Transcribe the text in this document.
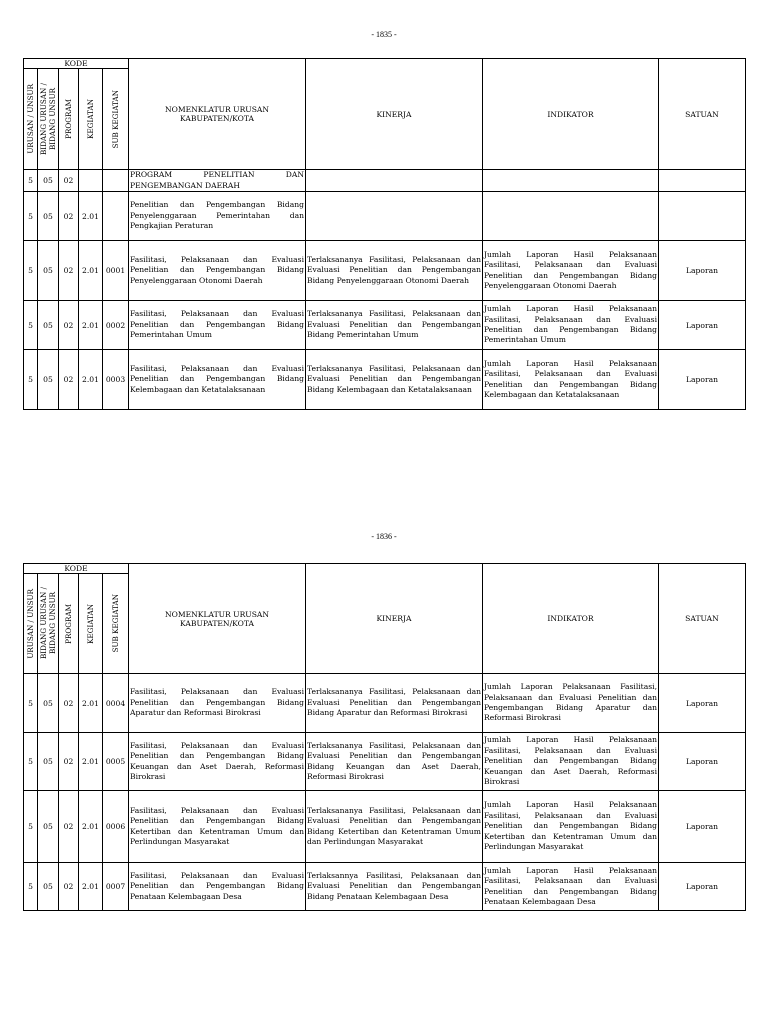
- 1835 -
KODE					NOMENKLATUR URUSAN
KABUPATEN/KOTA	KINERJA	INDIKATOR	SATUAN

URUSAN / UNSUR	BIDANG URUSAN /
BIDANG UNSUR	PROGRAM	KEGIATAN	SUB KEGIATAN				

5	05	02			PROGRAM PENELITIAN DAN PENGEMBANGAN DAERAH			
5	05	02	2.01		Penelitian dan Pengembangan Bidang Penyelenggaraan Pemerintahan dan Pengkajian Peraturan			
5	05	02	2.01	0001	Fasilitasi, Pelaksanaan dan Evaluasi Penelitian dan Pengembangan Bidang Penyelenggaraan Otonomi Daerah	Terlaksananya Fasilitasi, Pelaksanaan dan Evaluasi Penelitian dan Pengembangan Bidang Penyelenggaraan Otonomi Daerah	Jumlah Laporan Hasil Pelaksanaan Fasilitasi, Pelaksanaan dan Evaluasi Penelitian dan Pengembangan Bidang Penyelenggaraan Otonomi Daerah	Laporan
5	05	02	2.01	0002	Fasilitasi, Pelaksanaan dan Evaluasi Penelitian dan Pengembangan Bidang Pemerintahan Umum	Terlaksananya Fasilitasi, Pelaksanaan dan Evaluasi Penelitian dan Pengembangan Bidang Pemerintahan Umum	Jumlah Laporan Hasil Pelaksanaan Fasilitasi, Pelaksanaan dan Evaluasi Penelitian dan Pengembangan Bidang Pemerintahan Umum	Laporan
5	05	02	2.01	0003	Fasilitasi, Pelaksanaan dan Evaluasi Penelitian dan Pengembangan Bidang Kelembagaan dan Ketatalaksanaan	Terlaksananya Fasilitasi, Pelaksanaan dan Evaluasi Penelitian dan Pengembangan Bidang Kelembagaan dan Ketatalaksanaan	Jumlah Laporan Hasil Pelaksanaan Fasilitasi, Pelaksanaan dan Evaluasi Penelitian dan Pengembangan Bidang Kelembagaan dan Ketatalaksanaan	Laporan
- 1836 -
KODE					NOMENKLATUR URUSAN
KABUPATEN/KOTA	KINERJA	INDIKATOR	SATUAN

URUSAN / UNSUR	BIDANG URUSAN /
BIDANG UNSUR	PROGRAM	KEGIATAN	SUB KEGIATAN				

5	05	02	2.01	0004	Fasilitasi, Pelaksanaan dan Evaluasi Penelitian dan Pengembangan Bidang Aparatur dan Reformasi Birokrasi	Terlaksananya Fasilitasi, Pelaksanaan dan Evaluasi Penelitian dan Pengembangan Bidang Aparatur dan Reformasi Birokrasi	Jumlah Laporan Pelaksanaan Fasilitasi, Pelaksanaan dan Evaluasi Penelitian dan Pengembangan Bidang Aparatur dan Reformasi Birokrasi	Laporan
5	05	02	2.01	0005	Fasilitasi, Pelaksanaan dan Evaluasi Penelitian dan Pengembangan Bidang Keuangan dan Aset Daerah, Reformasi Birokrasi	Terlaksananya Fasilitasi, Pelaksanaan dan Evaluasi Penelitian dan Pengembangan Bidang Keuangan dan Aset Daerah, Reformasi Birokrasi	Jumlah Laporan Hasil Pelaksanaan Fasilitasi, Pelaksanaan dan Evaluasi Penelitian dan Pengembangan Bidang Keuangan dan Aset Daerah, Reformasi Birokrasi	Laporan
5	05	02	2.01	0006	Fasilitasi, Pelaksanaan dan Evaluasi Penelitian dan Pengembangan Bidang Ketertiban dan Ketentraman Umum dan Perlindungan Masyarakat	Terlaksananya Fasilitasi, Pelaksanaan dan Evaluasi Penelitian dan Pengembangan Bidang Ketertiban dan Ketentraman Umum dan Perlindungan Masyarakat	Jumlah Laporan Hasil Pelaksanaan Fasilitasi, Pelaksanaan dan Evaluasi Penelitian dan Pengembangan Bidang Ketertiban dan Ketentraman Umum dan Perlindungan Masyarakat	Laporan
5	05	02	2.01	0007	Fasilitasi, Pelaksanaan dan Evaluasi Penelitian dan Pengembangan Bidang Penataan Kelembagaan Desa	Terlaksannya Fasilitasi, Pelaksanaan dan Evaluasi Penelitian dan Pengembangan Bidang Penataan Kelembagaan Desa	Jumlah Laporan Hasil Pelaksanaan Fasilitasi, Pelaksanaan dan Evaluasi Penelitian dan Pengembangan Bidang Penataan Kelembagaan Desa	Laporan
